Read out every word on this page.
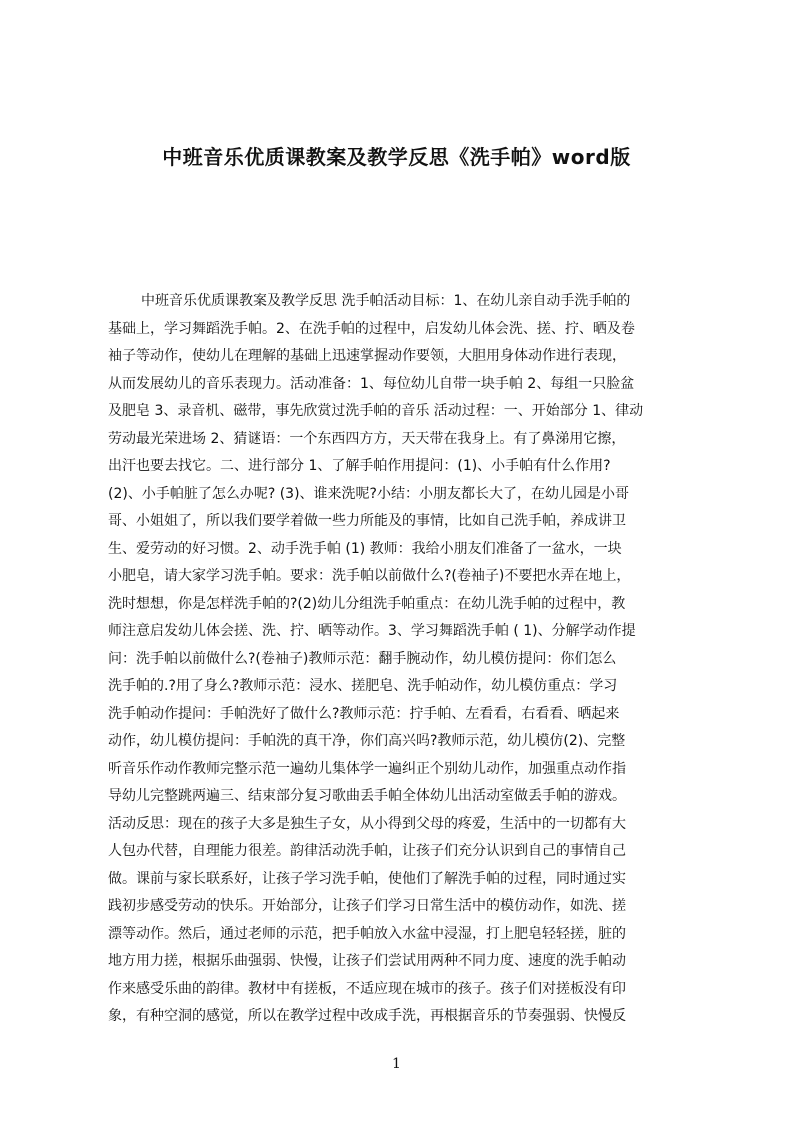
中班音乐优质课教案及教学反思《洗手帕》word版
中班音乐优质课教案及教学反思 洗手帕活动目标：1、在幼儿亲自动手洗手帕的
基础上，学习舞蹈洗手帕。2、在洗手帕的过程中，启发幼儿体会洗、搓、拧、晒及卷
袖子等动作，使幼儿在理解的基础上迅速掌握动作要领，大胆用身体动作进行表现，
从而发展幼儿的音乐表现力。活动准备：1、每位幼儿自带一块手帕 2、每组一只脸盆
及肥皂 3、录音机、磁带，事先欣赏过洗手帕的音乐 活动过程：一、开始部分 1、律动
劳动最光荣进场 2、猜谜语：一个东西四方方，天天带在我身上。有了鼻涕用它擦，
出汗也要去找它。二、进行部分 1、了解手帕作用提问：(1)、小手帕有什么作用?
(2)、小手帕脏了怎么办呢? (3)、谁来洗呢?小结：小朋友都长大了，在幼儿园是小哥
哥、小姐姐了，所以我们要学着做一些力所能及的事情，比如自己洗手帕，养成讲卫
生、爱劳动的好习惯。2、动手洗手帕 (1) 教师：我给小朋友们准备了一盆水，一块
小肥皂，请大家学习洗手帕。要求：洗手帕以前做什么?(卷袖子)不要把水弄在地上，
洗时想想，你是怎样洗手帕的?(2)幼儿分组洗手帕重点：在幼儿洗手帕的过程中，教
师注意启发幼儿体会搓、洗、拧、晒等动作。3、学习舞蹈洗手帕 ( 1)、分解学动作提
问：洗手帕以前做什么?(卷袖子)教师示范：翻手腕动作，幼儿模仿提问：你们怎么
洗手帕的.?用了身么?教师示范：浸水、搓肥皂、洗手帕动作，幼儿模仿重点：学习
洗手帕动作提问：手帕洗好了做什么?教师示范：拧手帕、左看看，右看看、晒起来
动作，幼儿模仿提问：手帕洗的真干净，你们高兴吗?教师示范，幼儿模仿(2)、完整
听音乐作动作教师完整示范一遍幼儿集体学一遍纠正个别幼儿动作，加强重点动作指
导幼儿完整跳两遍三、结束部分复习歌曲丢手帕全体幼儿出活动室做丢手帕的游戏。
活动反思：现在的孩子大多是独生子女，从小得到父母的疼爱，生活中的一切都有大
人包办代替，自理能力很差。韵律活动洗手帕，让孩子们充分认识到自己的事情自己
做。课前与家长联系好，让孩子学习洗手帕，使他们了解洗手帕的过程，同时通过实
践初步感受劳动的快乐。开始部分，让孩子们学习日常生活中的模仿动作，如洗、搓
漂等动作。然后，通过老师的示范，把手帕放入水盆中浸湿，打上肥皂轻轻搓，脏的
地方用力搓，根据乐曲强弱、快慢，让孩子们尝试用两种不同力度、速度的洗手帕动
作来感受乐曲的韵律。教材中有搓板，不适应现在城市的孩子。孩子们对搓板没有印
象，有种空洞的感觉，所以在教学过程中改成手洗，再根据音乐的节奏强弱、快慢反
1
